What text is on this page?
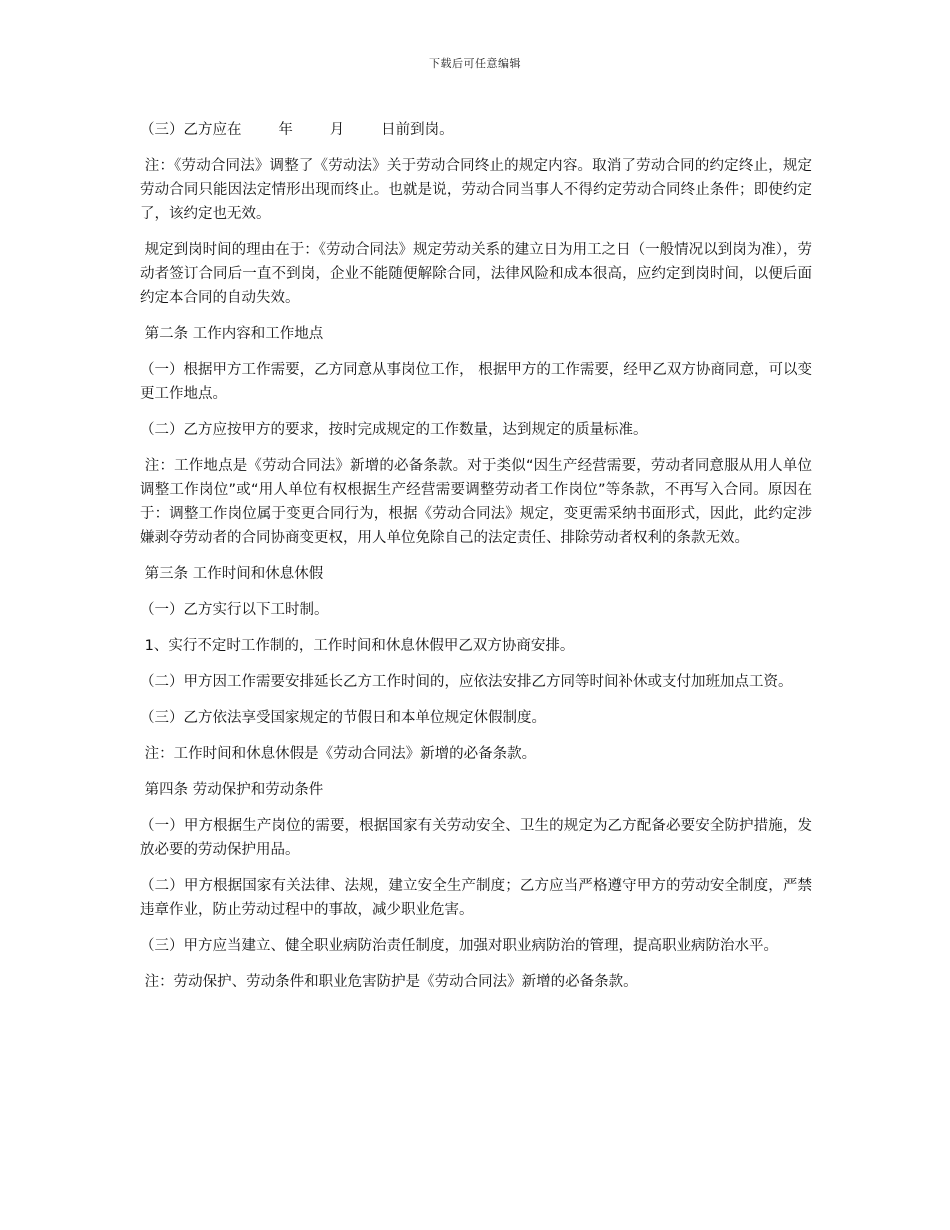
下载后可任意编辑

（三）乙方应在        年        月        日前到岗。

注：《劳动合同法》调整了《劳动法》关于劳动合同终止的规定内容。取消了劳动合同的约定终止，规定劳动合同只能因法定情形出现而终止。也就是说，劳动合同当事人不得约定劳动合同终止条件；即使约定了，该约定也无效。

规定到岗时间的理由在于：《劳动合同法》规定劳动关系的建立日为用工之日（一般情况以到岗为准），劳动者签订合同后一直不到岗，企业不能随便解除合同，法律风险和成本很高，应约定到岗时间，以便后面约定本合同的自动失效。

第二条 工作内容和工作地点

（一）根据甲方工作需要，乙方同意从事岗位工作， 根据甲方的工作需要，经甲乙双方协商同意，可以变更工作地点。

（二）乙方应按甲方的要求，按时完成规定的工作数量，达到规定的质量标准。

注：工作地点是《劳动合同法》新增的必备条款。对于类似“因生产经营需要，劳动者同意服从用人单位调整工作岗位”或“用人单位有权根据生产经营需要调整劳动者工作岗位”等条款，不再写入合同。原因在于：调整工作岗位属于变更合同行为，根据《劳动合同法》规定，变更需采纳书面形式，因此，此约定涉嫌剥夺劳动者的合同协商变更权，用人单位免除自己的法定责任、排除劳动者权利的条款无效。

第三条 工作时间和休息休假

（一）乙方实行以下工时制。

1、实行不定时工作制的，工作时间和休息休假甲乙双方协商安排。

（二）甲方因工作需要安排延长乙方工作时间的，应依法安排乙方同等时间补休或支付加班加点工资。

（三）乙方依法享受国家规定的节假日和本单位规定休假制度。

注：工作时间和休息休假是《劳动合同法》新增的必备条款。

第四条 劳动保护和劳动条件

（一）甲方根据生产岗位的需要，根据国家有关劳动安全、卫生的规定为乙方配备必要安全防护措施，发放必要的劳动保护用品。

（二）甲方根据国家有关法律、法规，建立安全生产制度；乙方应当严格遵守甲方的劳动安全制度，严禁违章作业，防止劳动过程中的事故，减少职业危害。

（三）甲方应当建立、健全职业病防治责任制度，加强对职业病防治的管理，提高职业病防治水平。

注：劳动保护、劳动条件和职业危害防护是《劳动合同法》新增的必备条款。
